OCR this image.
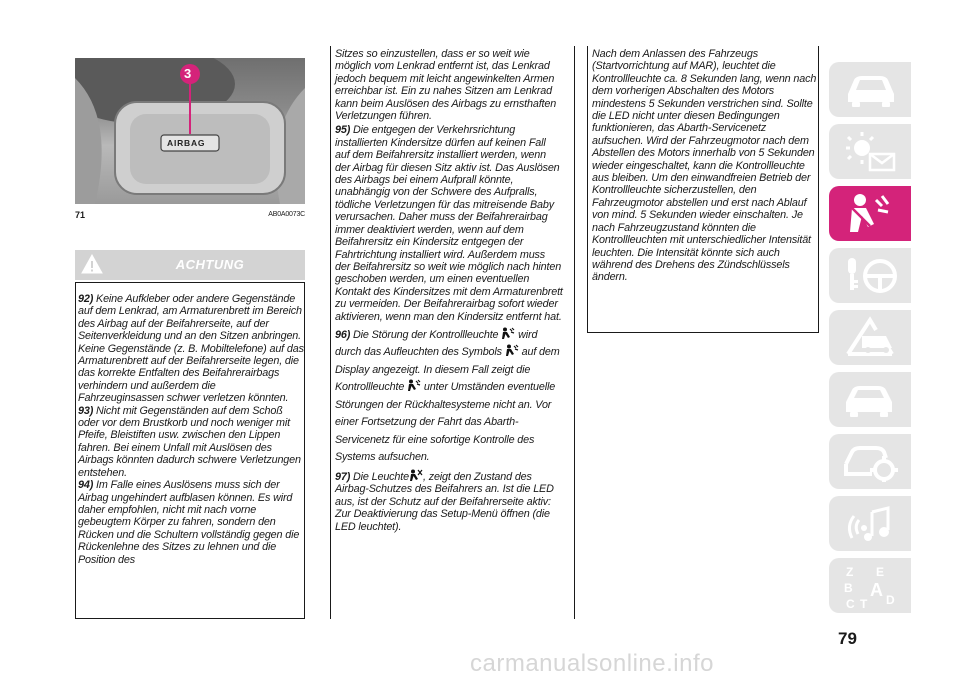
3
AIRBAG
71	AB0A0073C
ACHTUNG

92) Keine Aufkleber oder andere Gegenstände auf dem Lenkrad, am Armaturenbrett im Bereich des Airbag auf der Beifahrerseite, auf der Seitenverkleidung und an den Sitzen anbringen. Keine Gegenstände (z. B. Mobiltelefone) auf das Armaturenbrett auf der Beifahrerseite legen, die das korrekte Entfalten des Beifahrerairbags verhindern und außerdem die Fahrzeuginsassen schwer verletzen könnten.

93) Nicht mit Gegenständen auf dem Schoß oder vor dem Brustkorb und noch weniger mit Pfeife, Bleistiften usw. zwischen den Lippen fahren. Bei einem Unfall mit Auslösen des Airbags könnten dadurch schwere Verletzungen entstehen.

94) Im Falle eines Auslösens muss sich der Airbag ungehindert aufblasen können. Es wird daher empfohlen, nicht mit nach vorne gebeugtem Körper zu fahren, sondern den Rücken und die Schultern vollständig gegen die Rückenlehne des Sitzes zu lehnen und die Position des

Sitzes so einzustellen, dass er so weit wie möglich vom Lenkrad entfernt ist, das Lenkrad jedoch bequem mit leicht angewinkelten Armen erreichbar ist. Ein zu nahes Sitzen am Lenkrad kann beim Auslösen des Airbags zu ernsthaften Verletzungen führen.

95) Die entgegen der Verkehrsrichtung installierten Kindersitze dürfen auf keinen Fall auf dem Beifahrersitz installiert werden, wenn der Airbag für diesen Sitz aktiv ist. Das Auslösen des Airbags bei einem Aufprall könnte, unabhängig von der Schwere des Aufpralls, tödliche Verletzungen für das mitreisende Baby verursachen. Daher muss der Beifahrerairbag immer deaktiviert werden, wenn auf dem Beifahrersitz ein Kindersitz entgegen der Fahrtrichtung installiert wird. Außerdem muss der Beifahrersitz so weit wie möglich nach hinten geschoben werden, um einen eventuellen Kontakt des Kindersitzes mit dem Armaturenbrett zu vermeiden. Der Beifahrerairbag sofort wieder aktivieren, wenn man den Kindersitz entfernt hat.

96) Die Störung der Kontrollleuchte wird durch das Aufleuchten des Symbols auf dem Display angezeigt. In diesem Fall zeigt die Kontrollleuchte unter Umständen eventuelle Störungen der Rückhaltesysteme nicht an. Vor einer Fortsetzung der Fahrt das Abarth-Servicenetz für eine sofortige Kontrolle des Systems aufsuchen.

97) Die Leuchte , zeigt den Zustand des Airbag-Schutzes des Beifahrers an. Ist die LED aus, ist der Schutz auf der Beifahrerseite aktiv: Zur Deaktivierung das Setup-Menü öffnen (die LED leuchtet).

Nach dem Anlassen des Fahrzeugs (Startvorrichtung auf MAR), leuchtet die Kontrollleuchte ca. 8 Sekunden lang, wenn nach dem vorherigen Abschalten des Motors mindestens 5 Sekunden verstrichen sind. Sollte die LED nicht unter diesen Bedingungen funktionieren, das Abarth-Servicenetz aufsuchen. Wird der Fahrzeugmotor nach dem Abstellen des Motors innerhalb von 5 Sekunden wieder eingeschaltet, kann die Kontrollleuchte aus bleiben. Um den einwandfreien Betrieb der Kontrollleuchte sicherzustellen, den Fahrzeugmotor abstellen und erst nach Ablauf von mind. 5 Sekunden wieder einschalten. Je nach Fahrzeugzustand könnten die Kontrollleuchten mit unterschiedlicher Intensität leuchten. Die Intensität könnte sich auch während des Drehens des Zündschlüssels ändern.

Z E
B A
C T D
79
carmanualsonline.info
